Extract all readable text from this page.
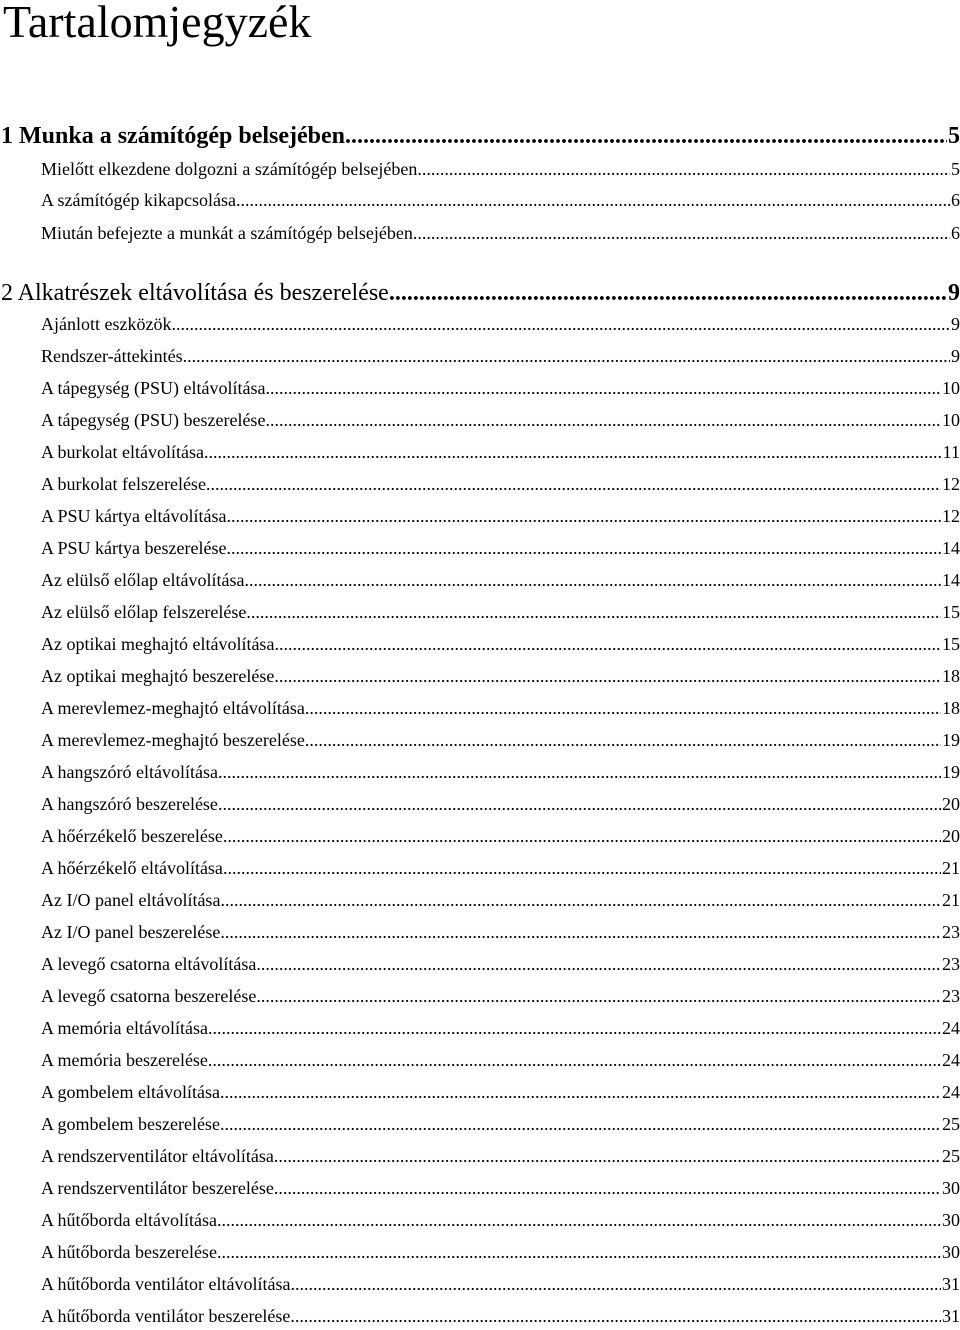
Tartalomjegyzék
1 Munka a számítógép belsejében .....	5
Mielőtt elkezdene dolgozni a számítógép belsejében .....	5
A számítógép kikapcsolása .....	6
Miután befejezte a munkát a számítógép belsejében .....	6
2 Alkatrészek eltávolítása és beszerelése .....	9
Ajánlott eszközök .....	9
Rendszer-áttekintés .....	9
A tápegység (PSU) eltávolítása .....	10
A tápegység (PSU) beszerelése .....	10
A burkolat eltávolítása .....	11
A burkolat felszerelése .....	12
A PSU kártya eltávolítása .....	12
A PSU kártya beszerelése .....	14
Az elülső előlap eltávolítása .....	14
Az elülső előlap felszerelése .....	15
Az optikai meghajtó eltávolítása .....	15
Az optikai meghajtó beszerelése .....	18
A merevlemez-meghajtó eltávolítása .....	18
A merevlemez-meghajtó beszerelése .....	19
A hangszóró eltávolítása .....	19
A hangszóró beszerelése .....	20
A hőérzékelő beszerelése .....	20
A hőérzékelő eltávolítása .....	21
Az I/O panel eltávolítása .....	21
Az I/O panel beszerelése .....	23
A levegő csatorna eltávolítása .....	23
A levegő csatorna beszerelése .....	23
A memória eltávolítása .....	24
A memória beszerelése .....	24
A gombelem eltávolítása .....	24
A gombelem beszerelése .....	25
A rendszerventilátor eltávolítása .....	25
A rendszerventilátor beszerelése .....	30
A hűtőborda eltávolítása .....	30
A hűtőborda beszerelése .....	30
A hűtőborda ventilátor eltávolítása .....	31
A hűtőborda ventilátor beszerelése .....	31
